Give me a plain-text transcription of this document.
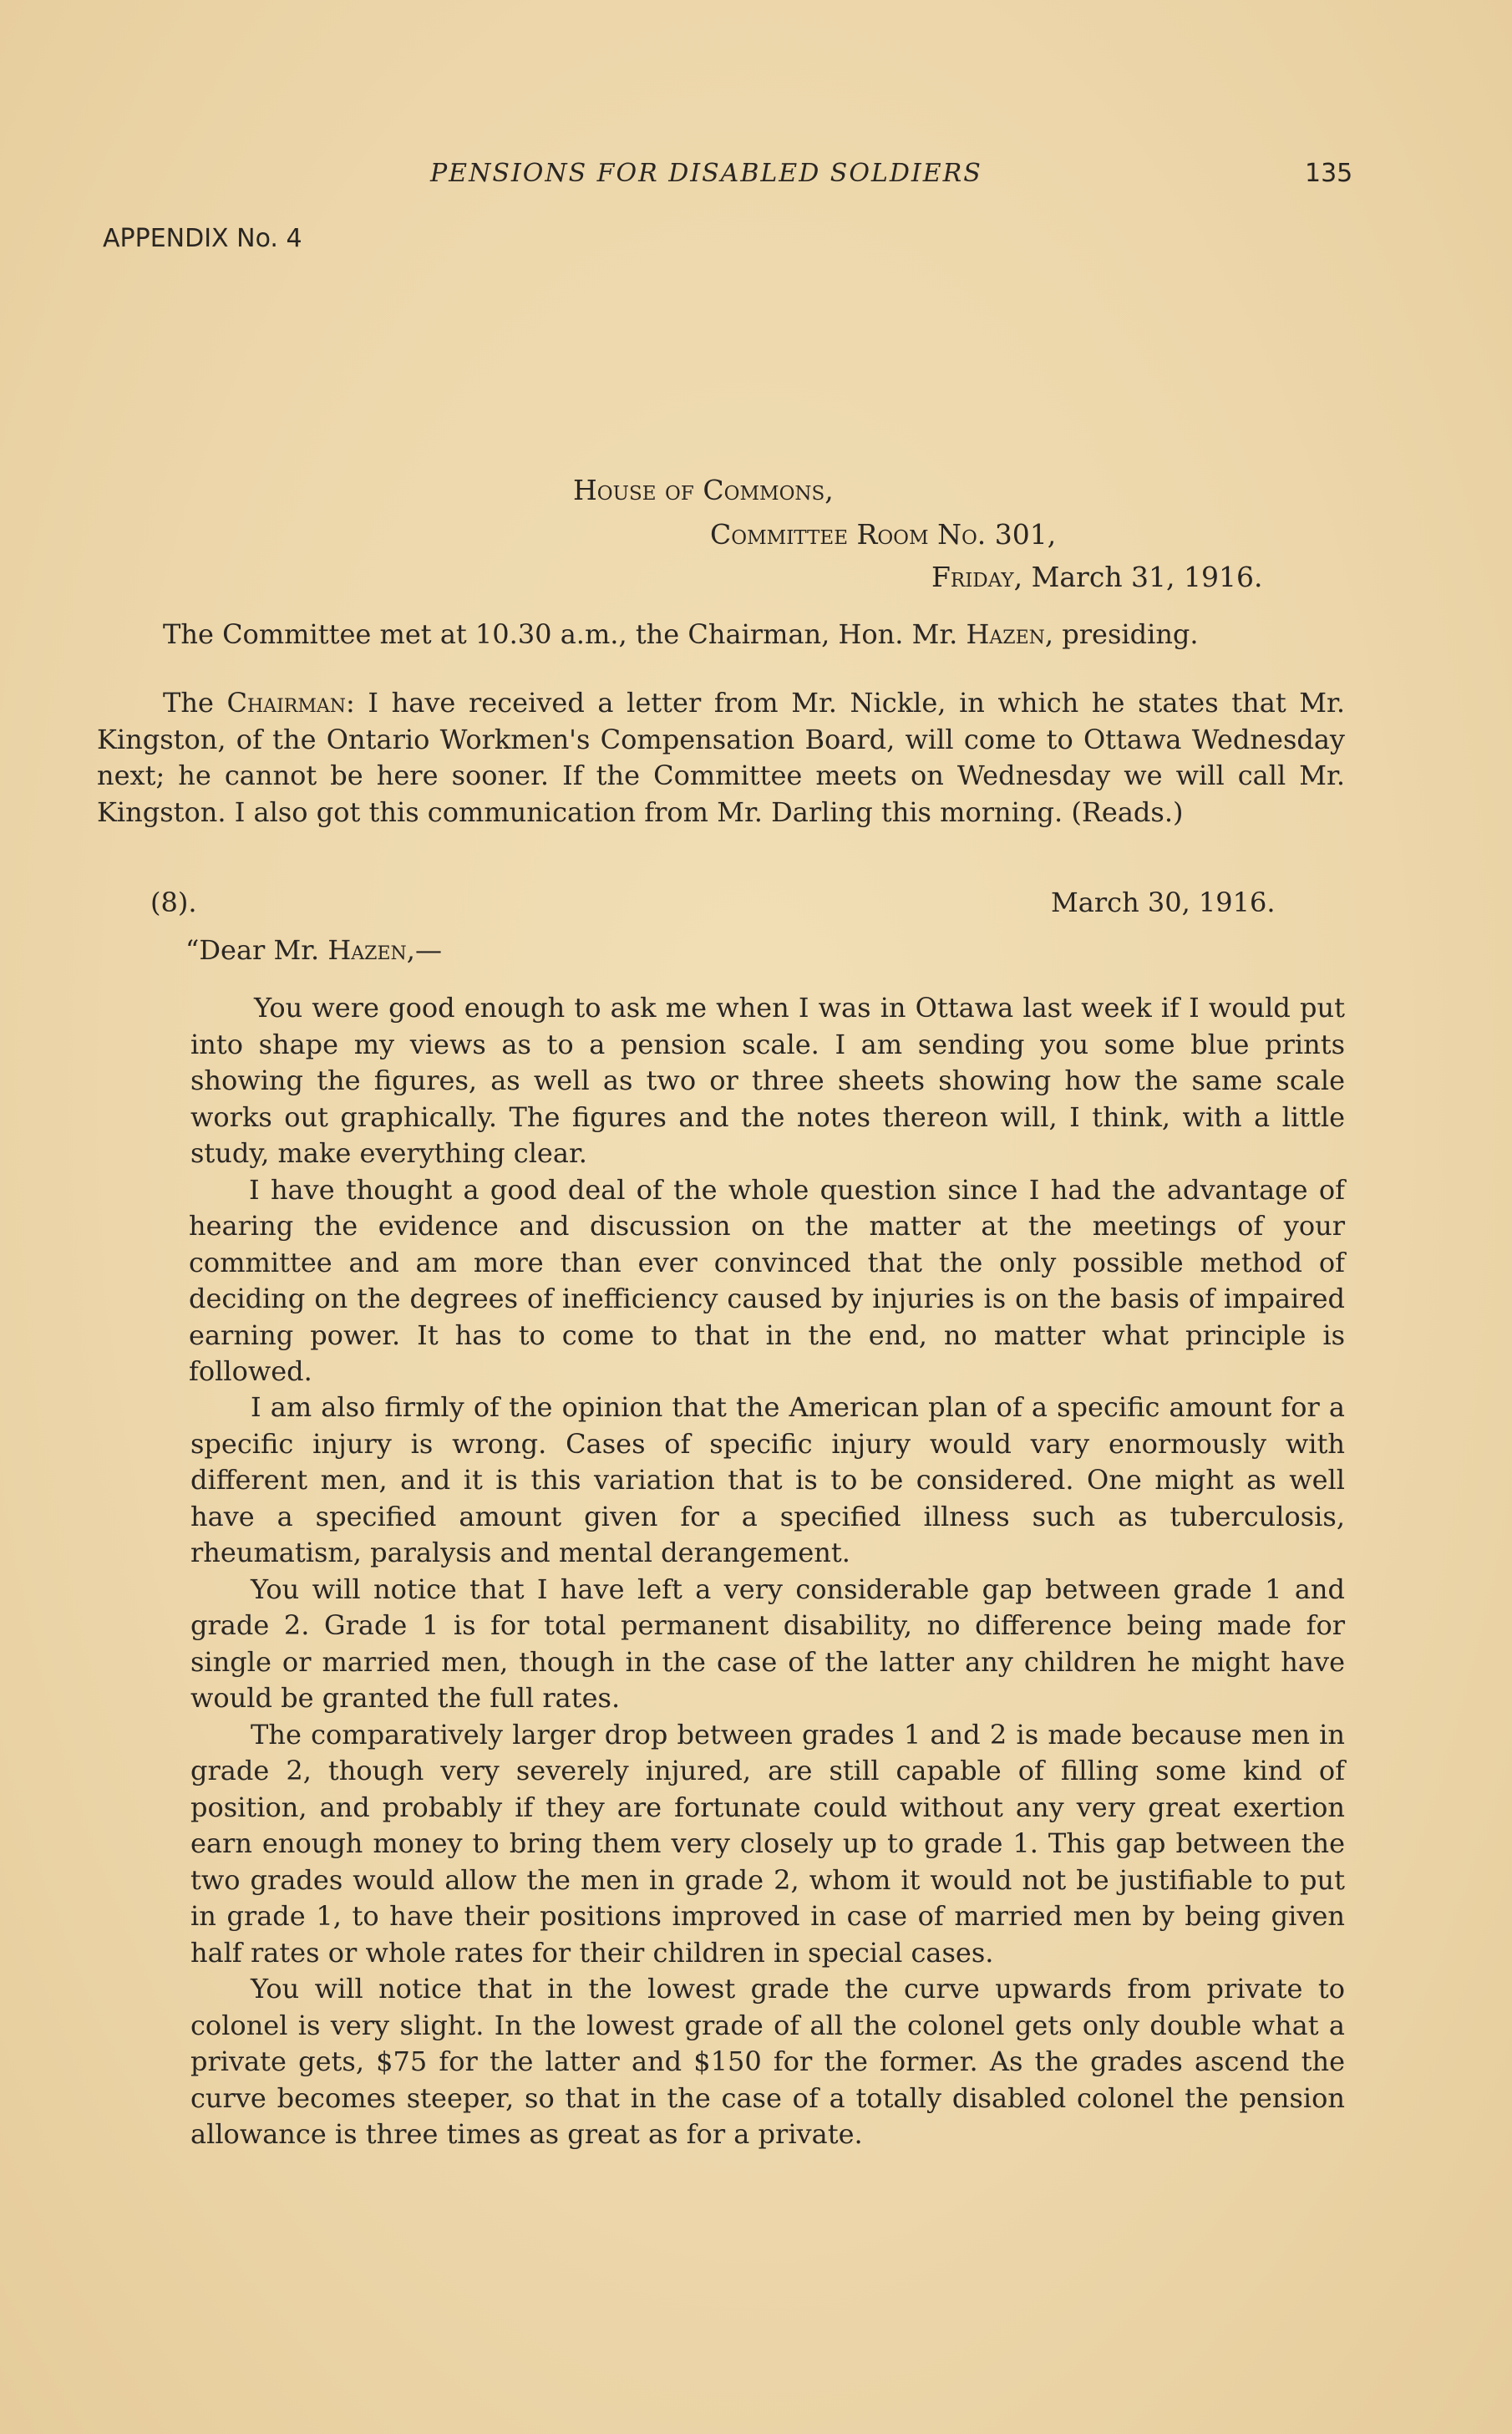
PENSIONS FOR DISABLED SOLDIERS	135
APPENDIX No. 4
House of Commons,
Committee Room No. 301,
Friday, March 31, 1916.
The Committee met at 10.30 a.m., the Chairman, Hon. Mr. Hazen, presiding.

The Chairman: I have received a letter from Mr. Nickle, in which he states that Mr. Kingston, of the Ontario Workmen's Compensation Board, will come to Ottawa Wednesday next; he cannot be here sooner. If the Committee meets on Wednesday we will call Mr. Kingston. I also got this communication from Mr. Darling this morning. (Reads.)

(8).	March 30, 1916.
“Dear Mr. Hazen,—

You were good enough to ask me when I was in Ottawa last week if I would put into shape my views as to a pension scale. I am sending you some blue prints showing the figures, as well as two or three sheets showing how the same scale works out graphically. The figures and the notes thereon will, I think, with a little study, make everything clear.

I have thought a good deal of the whole question since I had the advantage of hearing the evidence and discussion on the matter at the meetings of your committee and am more than ever convinced that the only possible method of deciding on the degrees of inefficiency caused by injuries is on the basis of impaired earning power. It has to come to that in the end, no matter what principle is followed.

I am also firmly of the opinion that the American plan of a specific amount for a specific injury is wrong. Cases of specific injury would vary enormously with different men, and it is this variation that is to be considered. One might as well have a specified amount given for a specified illness such as tuberculosis, rheumatism, paralysis and mental derangement.

You will notice that I have left a very considerable gap between grade 1 and grade 2. Grade 1 is for total permanent disability, no difference being made for single or married men, though in the case of the latter any children he might have would be granted the full rates.

The comparatively larger drop between grades 1 and 2 is made because men in grade 2, though very severely injured, are still capable of filling some kind of position, and probably if they are fortunate could without any very great exertion earn enough money to bring them very closely up to grade 1. This gap between the two grades would allow the men in grade 2, whom it would not be justifiable to put in grade 1, to have their positions improved in case of married men by being given half rates or whole rates for their children in special cases.

You will notice that in the lowest grade the curve upwards from private to colonel is very slight. In the lowest grade of all the colonel gets only double what a private gets, $75 for the latter and $150 for the former. As the grades ascend the curve becomes steeper, so that in the case of a totally disabled colonel the pension allowance is three times as great as for a private.
